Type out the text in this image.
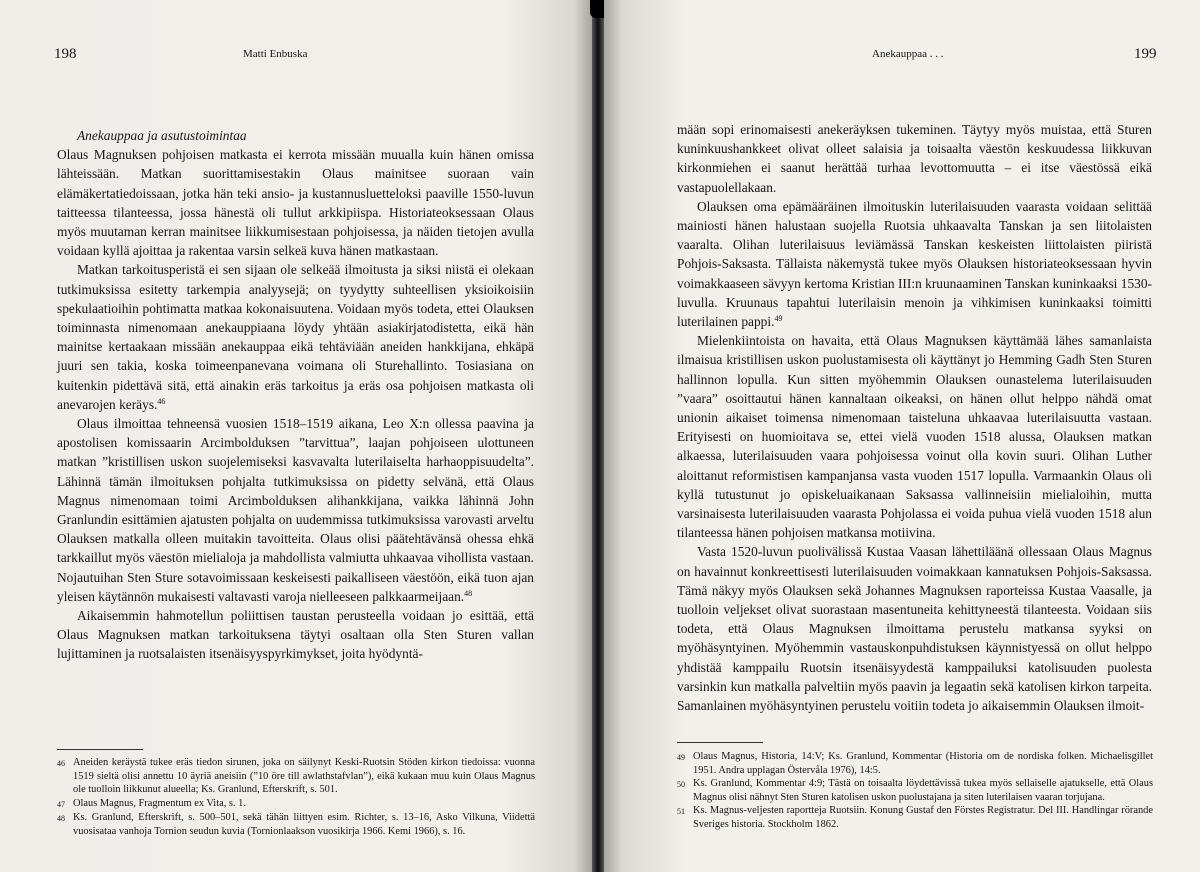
198	Matti Enbuska

Anekauppaa ja asutustoimintaa

Olaus Magnuksen pohjoisen matkasta ei kerrota missään muualla kuin hänen omissa lähteissään. Matkan suorittamisestakin Olaus mainitsee suoraan vain elämäkertatiedoissaan, jotka hän teki ansio- ja kustannusluetteloksi paaville 1550-luvun taitteessa tilanteessa, jossa hänestä oli tullut arkkipiispa. Historiateoksessaan Olaus myös muutaman kerran mainitsee liikkumisestaan pohjoisessa, ja näiden tietojen avulla voidaan kyllä ajoittaa ja rakentaa varsin selkeä kuva hänen matkastaan.

Matkan tarkoitusperistä ei sen sijaan ole selkeää ilmoitusta ja siksi niistä ei olekaan tutkimuksissa esitetty tarkempia analyysejä; on tyydytty suhteellisen yksioikoisiin spekulaatioihin pohtimatta matkaa kokonaisuutena. Voidaan myös todeta, ettei Olauksen toiminnasta nimenomaan anekauppiaana löydy yhtään asiakirjatodistetta, eikä hän mainitse kertaakaan missään anekauppaa eikä tehtäviään aneiden hankkijana, ehkäpä juuri sen takia, koska toimeenpanevana voimana oli Sturehallinto. Tosiasiana on kuitenkin pidettävä sitä, että ainakin eräs tarkoitus ja eräs osa pohjoisen matkasta oli anevarojen keräys.$^{46}$

Olaus ilmoittaa tehneensä vuosien 1518–1519 aikana, Leo X:n ollessa paavina ja apostolisen komissaarin Arcimbolduksen ”tarvittua”, laajan pohjoiseen ulottuneen matkan ”kristillisen uskon suojelemiseksi kasvavalta luterilaiselta harhaoppisuudelta”. Lähinnä tämän ilmoituksen pohjalta tutkimuksissa on pidetty selvänä, että Olaus Magnus nimenomaan toimi Arcimbolduksen alihankkijana, vaikka lähinnä John Granlundin esittämien ajatusten pohjalta on uudemmissa tutkimuksissa varovasti arveltu Olauksen matkalla olleen muitakin tavoitteita. Olaus olisi päätehtävänsä ohessa ehkä tarkkaillut myös väestön mielialoja ja mahdollista valmiutta uhkaavaa vihollista vastaan. Nojautuihan Sten Sture sotavoimissaan keskeisesti paikalliseen väestöön, eikä tuon ajan yleisen käytännön mukaisesti valtavasti varoja nielleeseen palkkaarmeijaan.$^{48}$

Aikaisemmin hahmotellun poliittisen taustan perusteella voidaan jo esittää, että Olaus Magnuksen matkan tarkoituksena täytyi osaltaan olla Sten Sturen vallan lujittaminen ja ruotsalaisten itsenäisyyspyrkimykset, joita hyödyntä-

46 Aneiden keräystä tukee eräs tiedon sirunen, joka on säilynyt Keski-Ruotsin Stöden kirkon tiedoissa: vuonna 1519 sieltä olisi annettu 10 äyriä aneisiin (”10 öre till awlathstafvlan”), eikä kukaan muu kuin Olaus Magnus ole tuolloin liikkunut alueella; Ks. Granlund, Efterskrift, s. 501.
47 Olaus Magnus, Fragmentum ex Vita, s. 1.
48 Ks. Granlund, Efterskrift, s. 500–501, sekä tähän liittyen esim. Richter, s. 13–16, Asko Vilkuna, Viidettä vuosisataa vanhoja Tornion seudun kuvia (Tornionlaakson vuosikirja 1966. Kemi 1966), s. 16.
Anekauppaa . . .	199

mään sopi erinomaisesti anekeräyksen tukeminen. Täytyy myös muistaa, että Sturen kuninkuushankkeet olivat olleet salaisia ja toisaalta väestön keskuudessa liikkuvan kirkonmiehen ei saanut herättää turhaa levottomuutta – ei itse väestössä eikä vastapuolellakaan.

Olauksen oma epämääräinen ilmoituskin luterilaisuuden vaarasta voidaan selittää mainiosti hänen halustaan suojella Ruotsia uhkaavalta Tanskan ja sen liitolaisten vaaralta. Olihan luterilaisuus leviämässä Tanskan keskeisten liittolaisten piiristä Pohjois-Saksasta. Tällaista näkemystä tukee myös Olauksen historiateoksessaan hyvin voimakkaaseen sävyyn kertoma Kristian III:n kruunaaminen Tanskan kuninkaaksi 1530-luvulla. Kruunaus tapahtui luterilaisin menoin ja vihkimisen kuninkaaksi toimitti luterilainen pappi.$^{49}$

Mielenkiintoista on havaita, että Olaus Magnuksen käyttämää lähes samanlaista ilmaisua kristillisen uskon puolustamisesta oli käyttänyt jo Hemming Gadh Sten Sturen hallinnon lopulla. Kun sitten myöhemmin Olauksen ounastelema luterilaisuuden ”vaara” osoittautui hänen kannaltaan oikeaksi, on hänen ollut helppo nähdä omat unionin aikaiset toimensa nimenomaan taisteluna uhkaavaa luterilaisuutta vastaan. Erityisesti on huomioitava se, ettei vielä vuoden 1518 alussa, Olauksen matkan alkaessa, luterilaisuuden vaara pohjoisessa voinut olla kovin suuri. Olihan Luther aloittanut reformistisen kampanjansa vasta vuoden 1517 lopulla. Varmaankin Olaus oli kyllä tutustunut jo opiskeluaikanaan Saksassa vallinneisiin mielialoihin, mutta varsinaisesta luterilaisuuden vaarasta Pohjolassa ei voida puhua vielä vuoden 1518 alun tilanteessa hänen pohjoisen matkansa motiivina.

Vasta 1520-luvun puolivälissä Kustaa Vaasan lähettiläänä ollessaan Olaus Magnus on havainnut konkreettisesti luterilaisuuden voimakkaan kannatuksen Pohjois-Saksassa. Tämä näkyy myös Olauksen sekä Johannes Magnuksen raporteissa Kustaa Vaasalle, ja tuolloin veljekset olivat suorastaan masentuneita kehittyneestä tilanteesta. Voidaan siis todeta, että Olaus Magnuksen ilmoittama perustelu matkansa syyksi on myöhäsyntyinen. Myöhemmin vastauskonpuhdistuksen käynnistyessä on ollut helppo yhdistää kamppailu Ruotsin itsenäisyydestä kamppailuksi katolisuuden puolesta varsinkin kun matkalla palveltiin myös paavin ja legaatin sekä katolisen kirkon tarpeita. Samanlainen myöhäsyntyinen perustelu voitiin todeta jo aikaisemmin Olauksen ilmoit-

49 Olaus Magnus, Historia, 14:V; Ks. Granlund, Kommentar (Historia om de nordiska folken. Michaelisgillet 1951. Andra upplagan Östervåla 1976), 14:5.
50 Ks. Granlund, Kommentar 4:9; Tästä on toisaalta löydettävissä tukea myös sellaiselle ajatukselle, että Olaus Magnus olisi nähnyt Sten Sturen katolisen uskon puolustajana ja siten luterilaisen vaaran torjujana.
51 Ks. Magnus-veljesten raportteja Ruotsiin. Konung Gustaf den Förstes Registratur. Del III. Handlingar rörande Sveriges historia. Stockholm 1862.
